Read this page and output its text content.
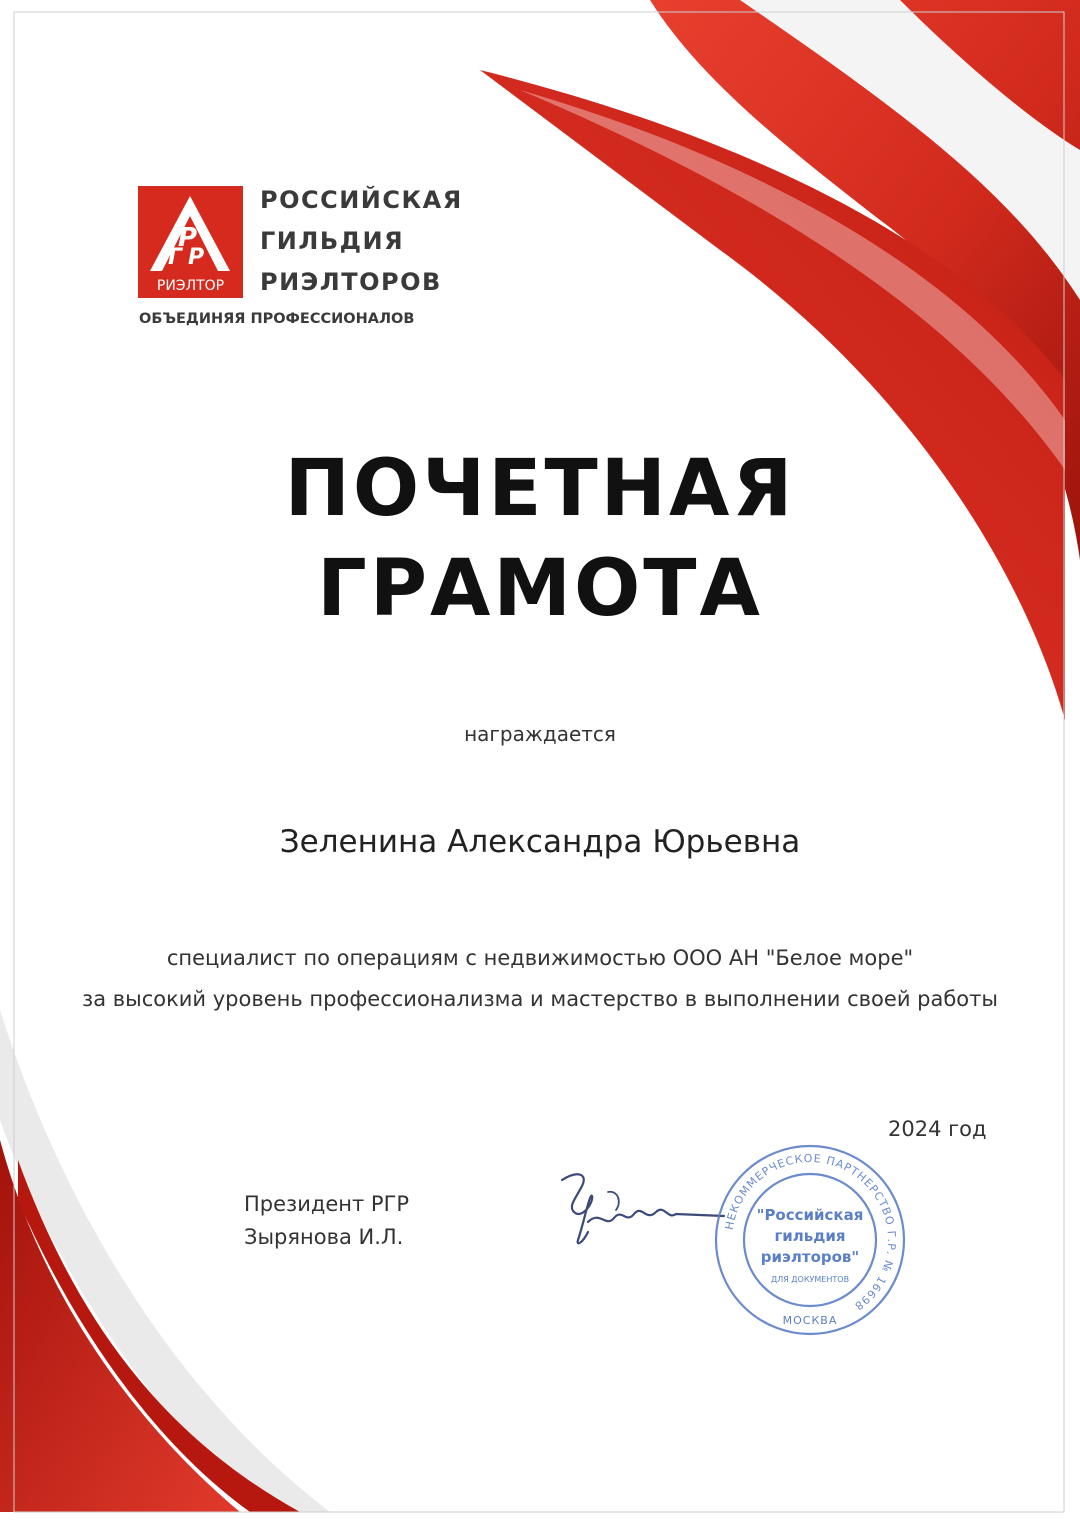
Р
Г Р
РИЭЛТОР
РОССИЙСКАЯ
ГИЛЬДИЯ
РИЭЛТОРОВ
ОБЪЕДИНЯЯ ПРОФЕССИОНАЛОВ
ПОЧЕТНАЯ
ГРАМОТА
награждается
Зеленина Александра Юрьевна
специалист по операциям с недвижимостью ООО АН "Белое море"
за высокий уровень профессионализма и мастерство в выполнении своей работы
Президент РГР
Зырянова И.Л.
НЕКОММЕРЧЕСКОЕ ПАРТНЕРСТВО Г.Р. № 16698
"Российская
гильдия
риэлторов"
ДЛЯ ДОКУМЕНТОВ
МОСКВА
2024 год
